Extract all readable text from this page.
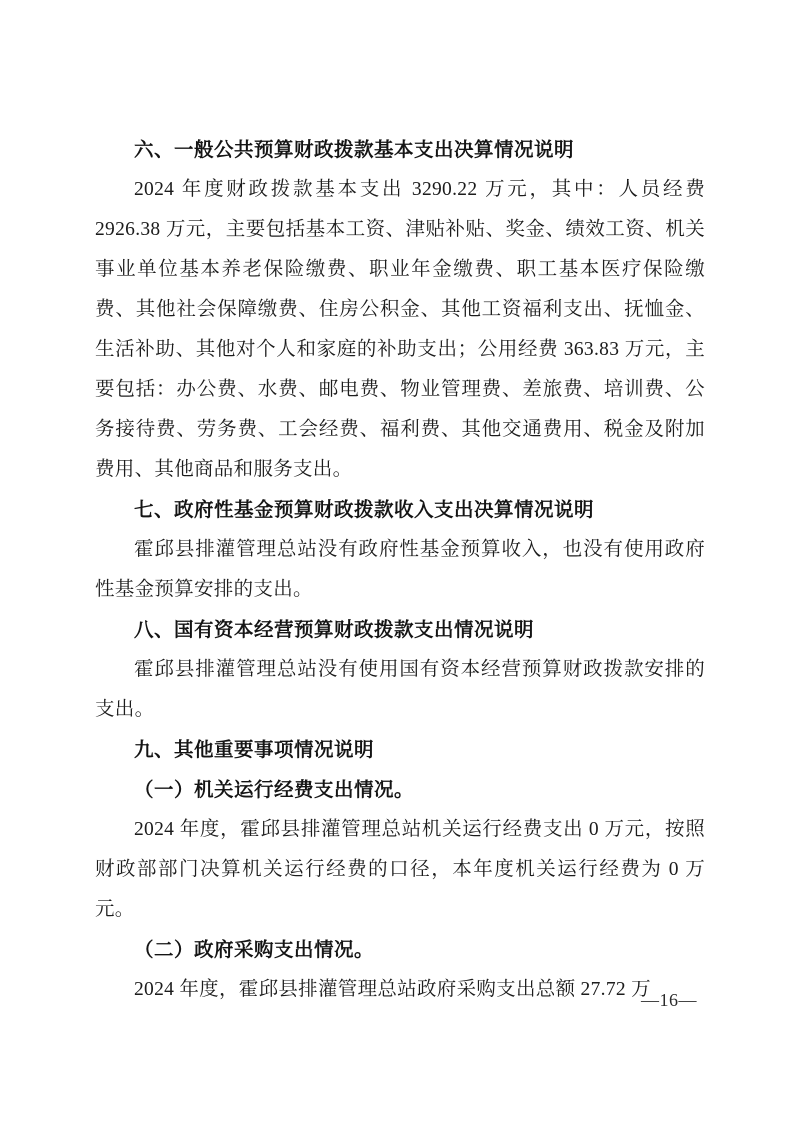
六、一般公共预算财政拨款基本支出决算情况说明

2024 年度财政拨款基本支出 3290.22 万元，其中：人员经费 2926.38 万元，主要包括基本工资、津贴补贴、奖金、绩效工资、机关事业单位基本养老保险缴费、职业年金缴费、职工基本医疗保险缴费、其他社会保障缴费、住房公积金、其他工资福利支出、抚恤金、生活补助、其他对个人和家庭的补助支出；公用经费 363.83 万元，主要包括：办公费、水费、邮电费、物业管理费、差旅费、培训费、公务接待费、劳务费、工会经费、福利费、其他交通费用、税金及附加费用、其他商品和服务支出。

七、政府性基金预算财政拨款收入支出决算情况说明

霍邱县排灌管理总站没有政府性基金预算收入，也没有使用政府性基金预算安排的支出。

八、国有资本经营预算财政拨款支出情况说明

霍邱县排灌管理总站没有使用国有资本经营预算财政拨款安排的支出。

九、其他重要事项情况说明
（一）机关运行经费支出情况。

2024 年度，霍邱县排灌管理总站机关运行经费支出 0 万元，按照财政部部门决算机关运行经费的口径，本年度机关运行经费为 0 万元。

（二）政府采购支出情况。

2024 年度，霍邱县排灌管理总站政府采购支出总额 27.72 万

—16—
